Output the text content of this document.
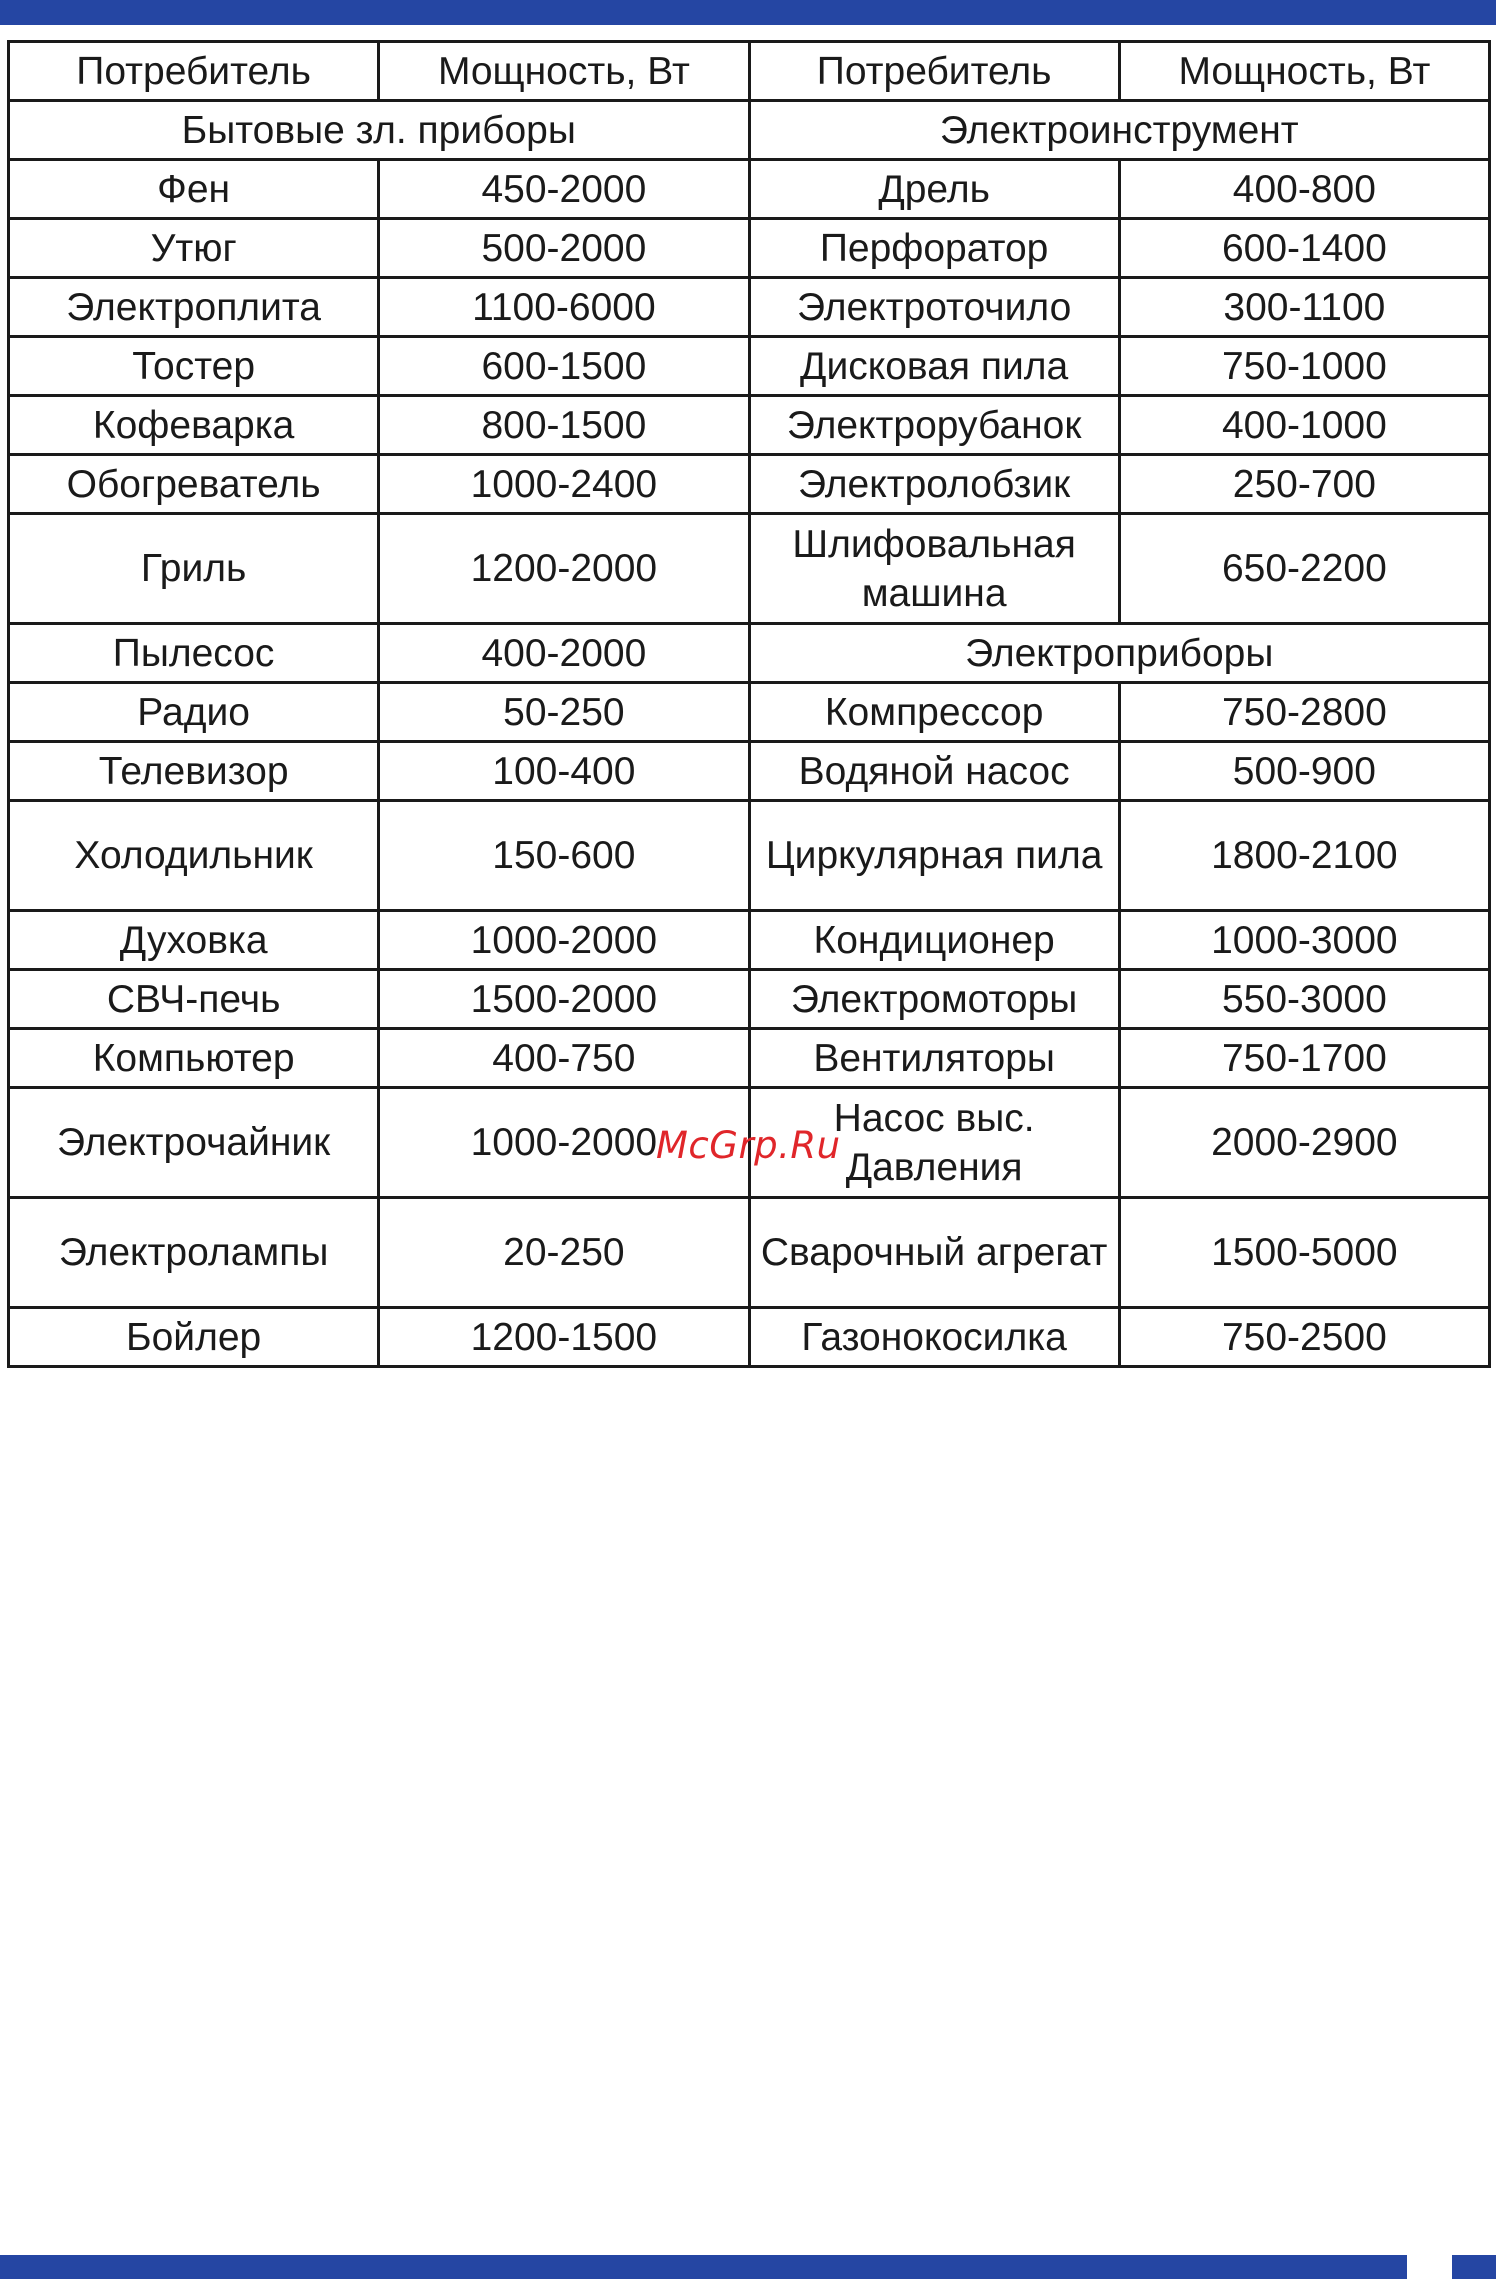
Потребитель	Мощность, Вт	Потребитель	Мощность, Вт
Бытовые зл. приборы		Электроинструмент	
Фен	450-2000	Дрель	400-800
Утюг	500-2000	Перфоратор	600-1400
Электроплита	1100-6000	Электроточило	300-1100
Тостер	600-1500	Дисковая пила	750-1000
Кофеварка	800-1500	Электрорубанок	400-1000
Обогреватель	1000-2400	Электролобзик	250-700
Гриль	1200-2000	Шлифовальная машина	650-2200
Пылесос	400-2000	Электроприборы	
Радио	50-250	Компрессор	750-2800
Телевизор	100-400	Водяной насос	500-900
Холодильник	150-600	Циркулярная пила	1800-2100
Духовка	1000-2000	Кондиционер	1000-3000
СВЧ-печь	1500-2000	Электромоторы	550-3000
Компьютер	400-750	Вентиляторы	750-1700
Электрочайник	1000-2000	Насос выс. Давления	2000-2900
Электролампы	20-250	Сварочный агрегат	1500-5000
Бойлер	1200-1500	Газонокосилка	750-2500
McGrp.Ru
